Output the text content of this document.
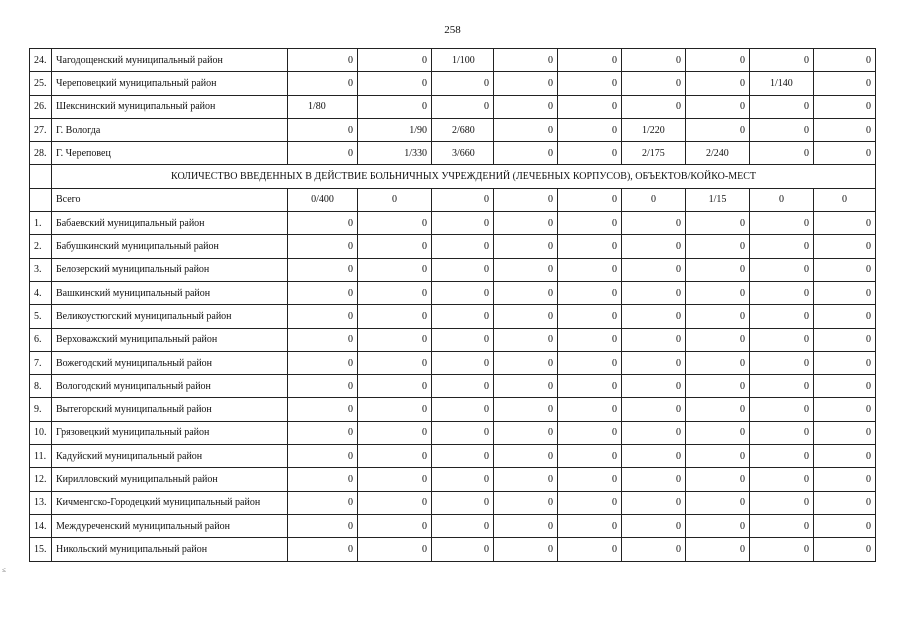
258
≤
24.	Чагодощенский муниципальный район	0	0	1/100	0	0	0	0	0	0
25.	Череповецкий муниципальный район	0	0	0	0	0	0	0	1/140	0
26.	Шекснинский муниципальный район	1/80	0	0	0	0	0	0	0	0
27.	Г. Вологда	0	1/90	2/680	0	0	1/220	0	0	0
28.	Г. Череповец	0	1/330	3/660	0	0	2/175	2/240	0	0
	КОЛИЧЕСТВО ВВЕДЕННЫХ В ДЕЙСТВИЕ БОЛЬНИЧНЫХ УЧРЕЖДЕНИЙ (ЛЕЧЕБНЫХ КОРПУСОВ), ОБЪЕКТОВ/КОЙКО-МЕСТ									
	Всего	0/400	0	0	0	0	0	1/15	0	0
1.	Бабаевский муниципальный район	0	0	0	0	0	0	0	0	0
2.	Бабушкинский муниципальный район	0	0	0	0	0	0	0	0	0
3.	Белозерский муниципальный район	0	0	0	0	0	0	0	0	0
4.	Вашкинский муниципальный район	0	0	0	0	0	0	0	0	0
5.	Великоустюгский муниципальный район	0	0	0	0	0	0	0	0	0
6.	Верховажский муниципальный район	0	0	0	0	0	0	0	0	0
7.	Вожегодский муниципальный район	0	0	0	0	0	0	0	0	0
8.	Вологодский муниципальный район	0	0	0	0	0	0	0	0	0
9.	Вытегорский муниципальный район	0	0	0	0	0	0	0	0	0
10.	Грязовецкий муниципальный район	0	0	0	0	0	0	0	0	0
11.	Кадуйский муниципальный район	0	0	0	0	0	0	0	0	0
12.	Кирилловский муниципальный район	0	0	0	0	0	0	0	0	0
13.	Кичменгско-Городецкий муниципальный район	0	0	0	0	0	0	0	0	0
14.	Междуреченский муниципальный район	0	0	0	0	0	0	0	0	0
15.	Никольский муниципальный район	0	0	0	0	0	0	0	0	0
